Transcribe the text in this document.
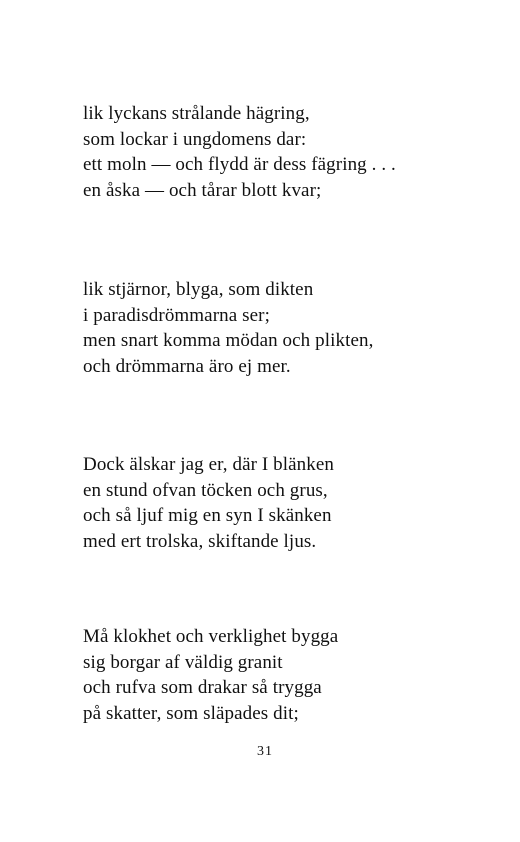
lik lyckans strålande hägring,
som lockar i ungdomens dar:
ett moln — och flydd är dess fägring . . .
en åska — och tårar blott kvar;
lik stjärnor, blyga, som dikten
i paradisdrömmarna ser;
men snart komma mödan och plikten,
och drömmarna äro ej mer.
Dock älskar jag er, där I blänken
en stund ofvan töcken och grus,
och så ljuf mig en syn I skänken
med ert trolska, skiftande ljus.
Må klokhet och verklighet bygga
sig borgar af väldig granit
och rufva som drakar så trygga
på skatter, som släpades dit;
31
